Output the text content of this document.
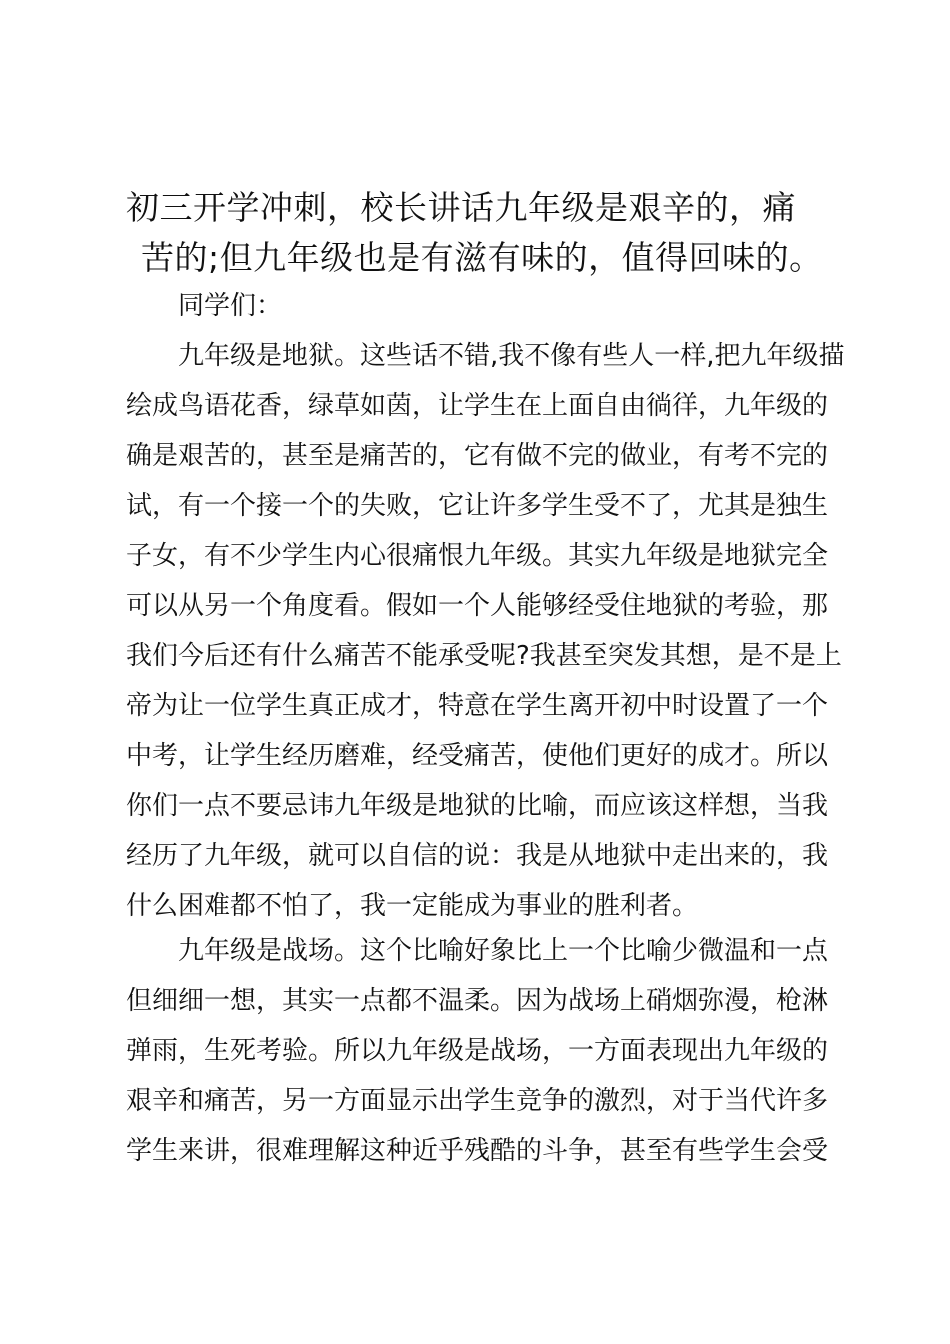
初三开学冲刺，校长讲话九年级是艰辛的，痛
苦的;但九年级也是有滋有味的，值得回味的。

同学们：

　　九年级是地狱。这些话不错,我不像有些人一样,把九年级描
绘成鸟语花香，绿草如茵，让学生在上面自由徜徉，九年级的
确是艰苦的，甚至是痛苦的，它有做不完的做业，有考不完的
试，有一个接一个的失败，它让许多学生受不了，尤其是独生
子女，有不少学生内心很痛恨九年级。其实九年级是地狱完全
可以从另一个角度看。假如一个人能够经受住地狱的考验，那
我们今后还有什么痛苦不能承受呢?我甚至突发其想，是不是上
帝为让一位学生真正成才，特意在学生离开初中时设置了一个
中考，让学生经历磨难，经受痛苦，使他们更好的成才。所以
你们一点不要忌讳九年级是地狱的比喻，而应该这样想，当我
经历了九年级，就可以自信的说：我是从地狱中走出来的，我
什么困难都不怕了，我一定能成为事业的胜利者。
　　九年级是战场。这个比喻好象比上一个比喻少微温和一点
但细细一想，其实一点都不温柔。因为战场上硝烟弥漫，枪淋
弹雨，生死考验。所以九年级是战场，一方面表现出九年级的
艰辛和痛苦，另一方面显示出学生竞争的激烈，对于当代许多
学生来讲，很难理解这种近乎残酷的斗争，甚至有些学生会受
